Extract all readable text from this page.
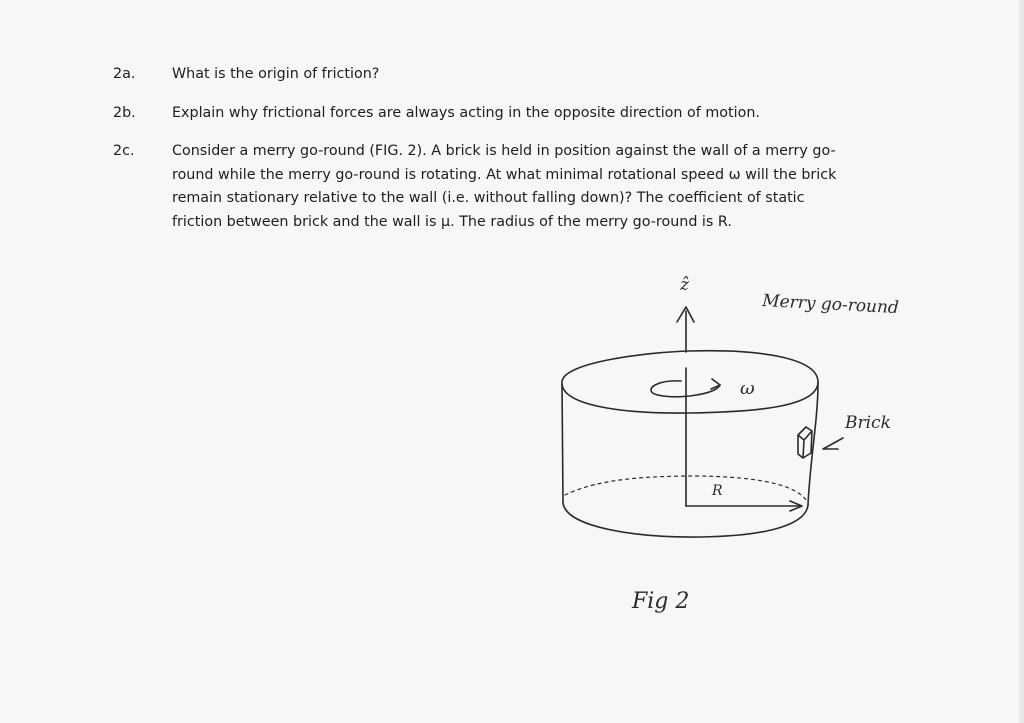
2a.	What is the origin of friction?
2b.	Explain why frictional forces are always acting in the opposite direction of motion.
2c.	Consider a merry go-round (FIG. 2). A brick is held in position against the wall of a merry go-
round while the merry go-round is rotating. At what minimal rotational speed ω will the brick
remain stationary relative to the wall (i.e. without falling down)? The coefficient of static
friction between brick and the wall is μ. The radius of the merry go-round is R.
ẑ
Merry go-round
ω
Brick
R
Fig 2
